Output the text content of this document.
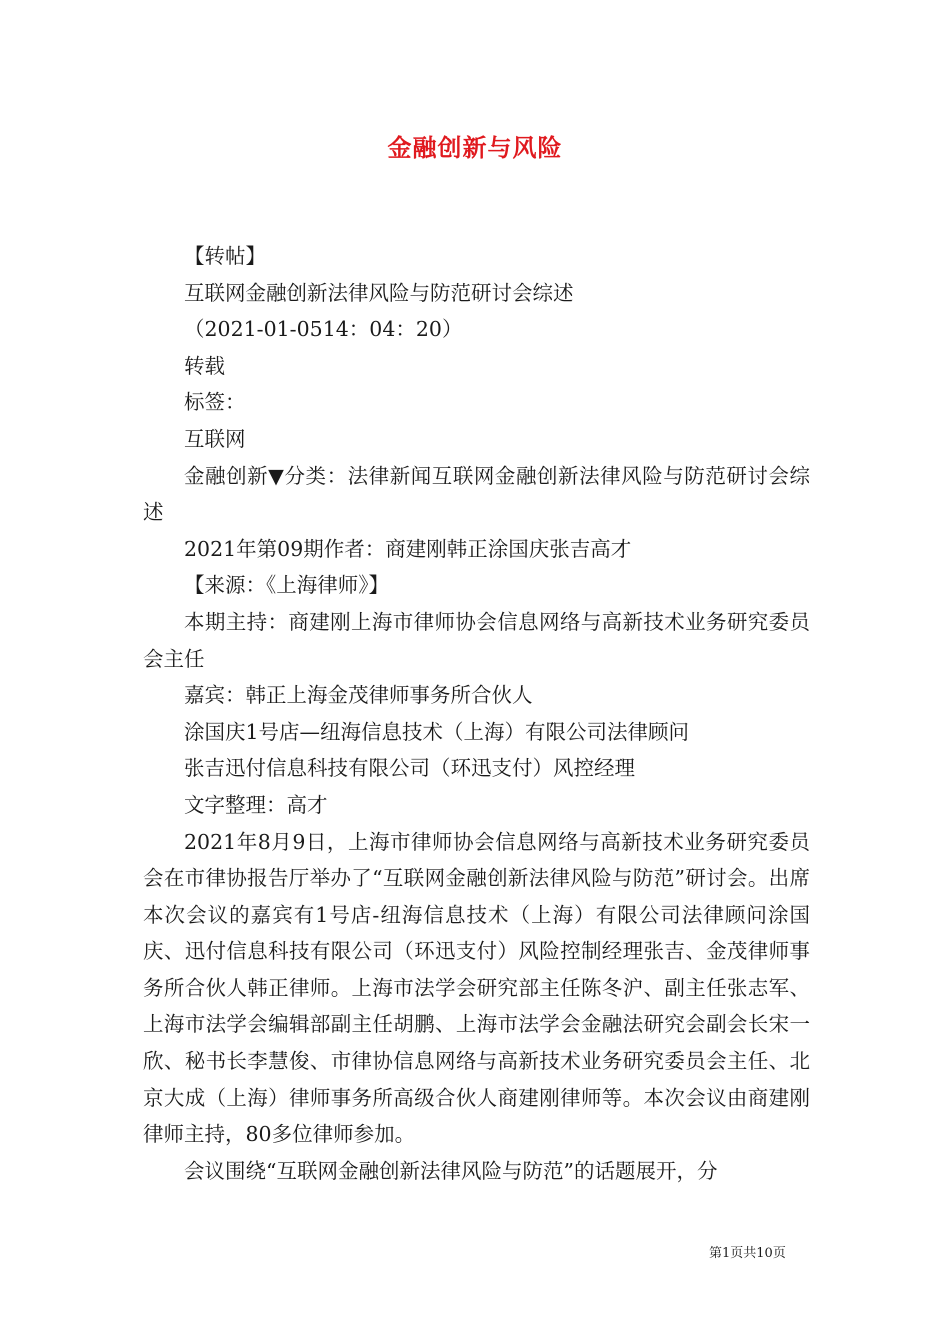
金融创新与风险

【转帖】

互联网金融创新法律风险与防范研讨会综述

（2021-01-0514：04：20）

转载

标签：

互联网

金融创新▼分类：法律新闻互联网金融创新法律风险与防范研讨会综述

2021年第09期作者：商建刚韩正涂国庆张吉高才

【来源：《上海律师》】

本期主持：商建刚上海市律师协会信息网络与高新技术业务研究委员会主任

嘉宾：韩正上海金茂律师事务所合伙人

涂国庆1号店—纽海信息技术（上海）有限公司法律顾问

张吉迅付信息科技有限公司（环迅支付）风控经理

文字整理：高才

2021年8月9日，上海市律师协会信息网络与高新技术业务研究委员会在市律协报告厅举办了“互联网金融创新法律风险与防范”研讨会。出席本次会议的嘉宾有1号店-纽海信息技术（上海）有限公司法律顾问涂国庆、迅付信息科技有限公司（环迅支付）风险控制经理张吉、金茂律师事务所合伙人韩正律师。上海市法学会研究部主任陈冬沪、副主任张志军、上海市法学会编辑部副主任胡鹏、上海市法学会金融法研究会副会长宋一欣、秘书长李慧俊、市律协信息网络与高新技术业务研究委员会主任、北京大成（上海）律师事务所高级合伙人商建刚律师等。本次会议由商建刚律师主持，80多位律师参加。

会议围绕“互联网金融创新法律风险与防范”的话题展开，分

第1页共10页
